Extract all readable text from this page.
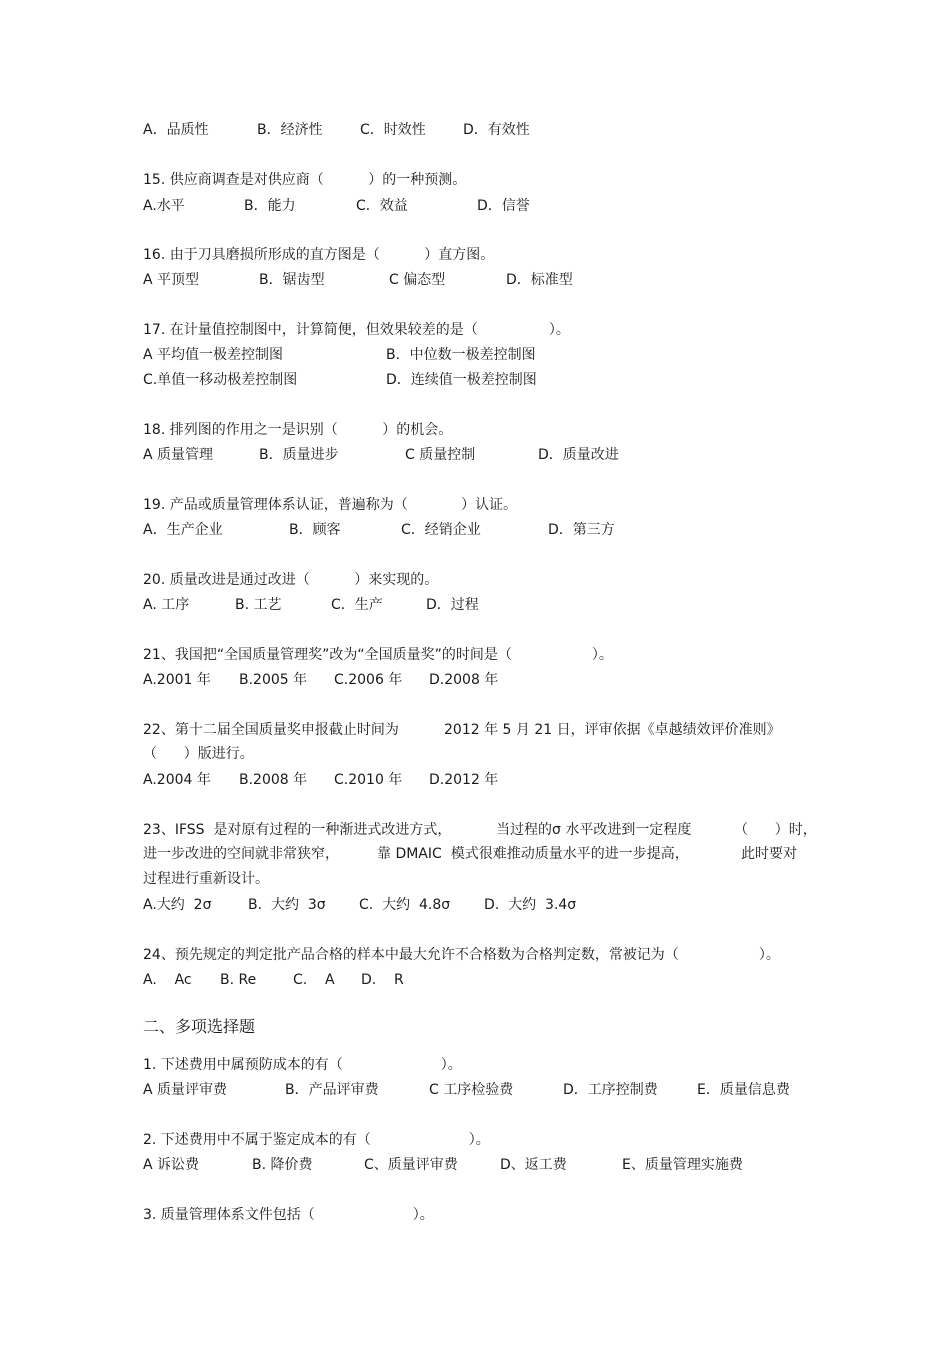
A．品质性	B．经济性	C．时效性	D．有效性
15. 供应商调查是对供应商（          ）的一种预测。
A.水平	B．能力	C．效益	D．信誉
16. 由于刀具磨损所形成的直方图是（          ）直方图。
A 平顶型	B．锯齿型	C 偏态型	D．标准型
17. 在计量值控制图中，计算简便，但效果较差的是（                ）。
A 平均值一极差控制图	B．中位数一极差控制图
C.单值一移动极差控制图	D．连续值一极差控制图
18. 排列图的作用之一是识别（          ）的机会。
A 质量管理	B．质量进步	C 质量控制	D．质量改进
19. 产品或质量管理体系认证，普遍称为（            ）认证。
A．生产企业	B．顾客	C．经销企业	D．第三方
20. 质量改进是通过改进（          ）来实现的。
A. 工序	B. 工艺	C．生产	D．过程
21、我国把“全国质量管理奖”改为“全国质量奖”的时间是（                  ）。
A.2001 年 B.2005 年 C.2006 年 D.2008 年
22、第十二届全国质量奖申报截止时间为	2012 年 5 月 21 日，评审依据《卓越绩效评价准则》
（      ）版进行。
A.2004 年 B.2008 年 C.2010 年 D.2012 年
23、IFSS  是对原有过程的一种渐进式改进方式，	当过程的σ 水平改进到一定程度	（      ）时，
进一步改进的空间就非常狭窄，	靠 DMAIC  模式很难推动质量水平的进一步提高，	此时要对
过程进行重新设计。
A.大约  2σ	B.  大约  3σ C.  大约  4.8σ D.  大约  3.4σ
24、预先规定的判定批产品合格的样本中最大允许不合格数为合格判定数，常被记为（                  ）。
A.    Ac B. Re	C.    A D.    R
二、多项选择题
1. 下述费用中属预防成本的有（                      ）。
A 质量评审费	B．产品评审费	C 工序检验费	D．工序控制费	E．质量信息费
2. 下述费用中不属于鉴定成本的有（                      ）。
A 诉讼费	B. 降价费	C、质量评审费	D、返工费	E、质量管理实施费
3. 质量管理体系文件包括（                      ）。
